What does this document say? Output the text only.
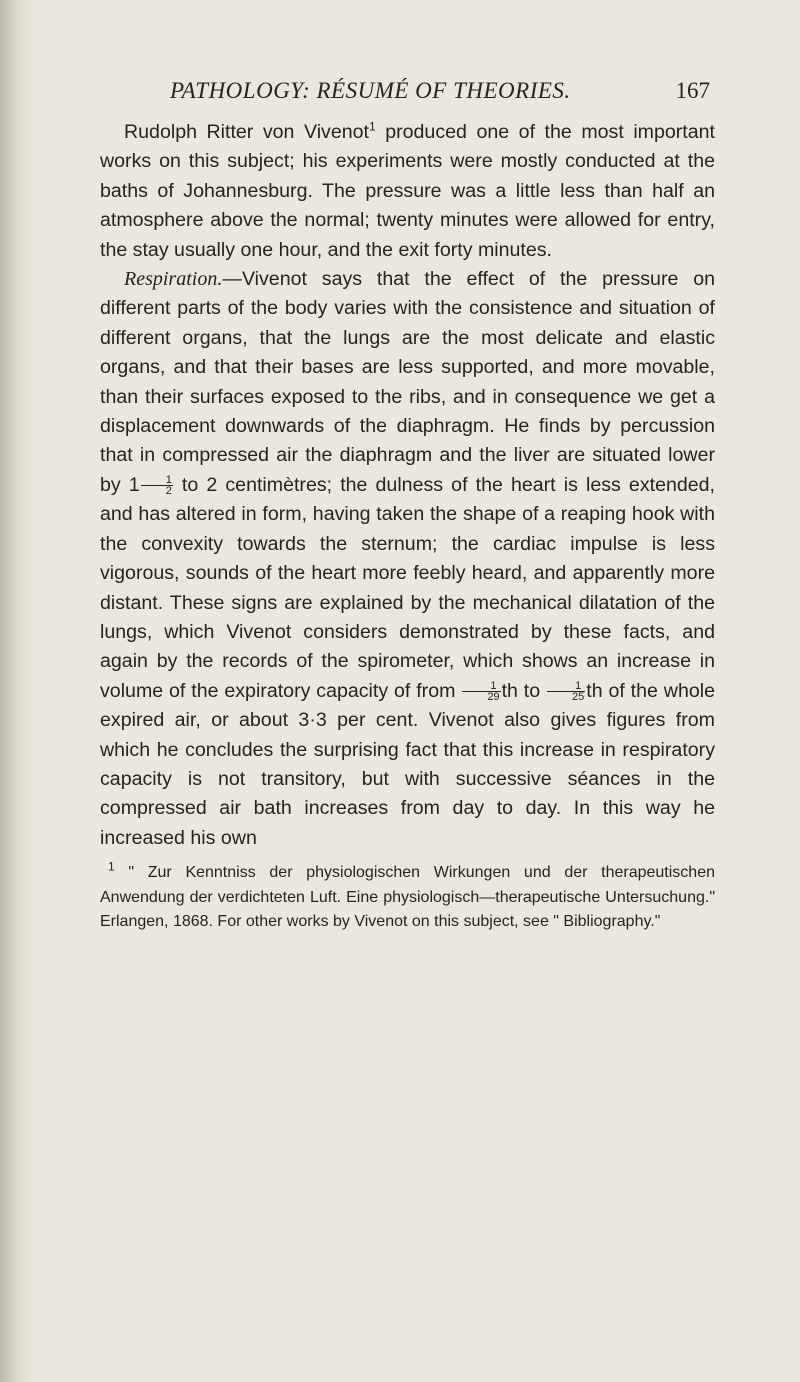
PATHOLOGY: RÉSUMÉ OF THEORIES.	167

Rudolph Ritter von Vivenot$^1$ produced one of the most important works on this subject; his experiments were mostly conducted at the baths of Johannesburg. The pressure was a little less than half an atmosphere above the normal; twenty minutes were allowed for entry, the stay usually one hour, and the exit forty minutes.

Respiration.—Vivenot says that the effect of the pressure on different parts of the body varies with the consistence and situation of different organs, that the lungs are the most delicate and elastic organs, and that their bases are less supported, and more movable, than their surfaces exposed to the ribs, and in consequence we get a displacement downwards of the diaphragm. He finds by percussion that in compressed air the diaphragm and the liver are situated lower by $1 \frac{1}{2}$ to 2 centimètres; the dulness of the heart is less extended, and has altered in form, having taken the shape of a reaping hook with the convexity towards the sternum; the cardiac impulse is less vigorous, sounds of the heart more feebly heard, and apparently more distant. These signs are explained by the mechanical dilatation of the lungs, which Vivenot considers demonstrated by these facts, and again by the records of the spirometer, which shows an increase in volume of the expiratory capacity of from $\frac{1}{29}$ th to $\frac{1}{25}$ th of the whole expired air, or about 3·3 per cent. Vivenot also gives figures from which he concludes the surprising fact that this increase in respiratory capacity is not transitory, but with successive séances in the compressed air bath increases from day to day. In this way he increased his own

$^1$ " Zur Kenntniss der physiologischen Wirkungen und der therapeutischen Anwendung der verdichteten Luft. Eine physiologisch—therapeutische Untersuchung." Erlangen, 1868. For other works by Vivenot on this subject, see " Bibliography."
